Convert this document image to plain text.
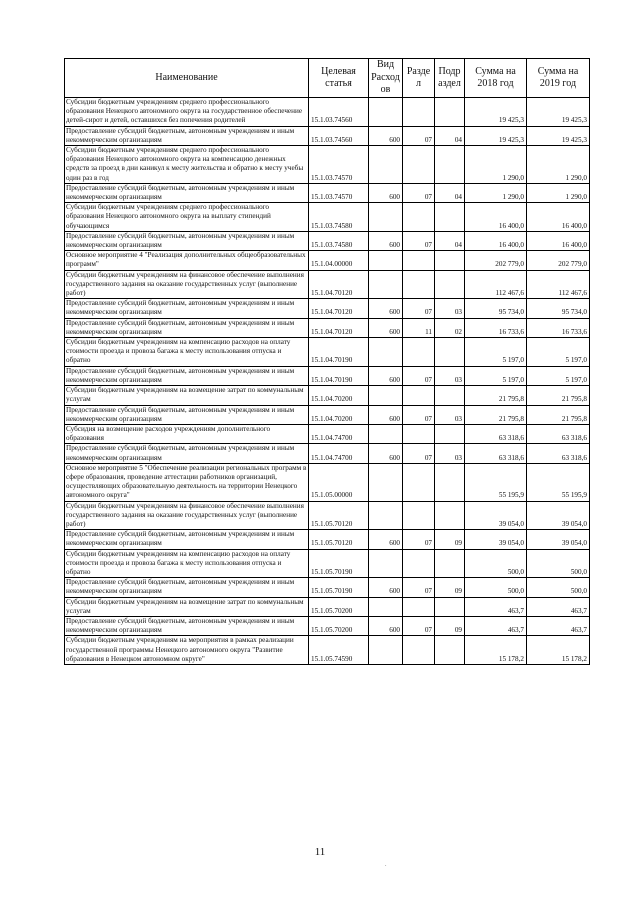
Наименование	Целевая статья	Вид Расход ов	Разде л	Подр аздел	Сумма на 2018 год	Сумма на 2019 год
Субсидии бюджетным учреждениям среднего профессионального образования Ненецкого автономного округа на государственное обеспечение детей-сирот и детей, оставшихся без попечения родителей	15.1.03.74560				19 425,3	19 425,3
Предоставление субсидий бюджетным, автономным учреждениям и иным некоммерческим организациям	15.1.03.74560	600	07	04	19 425,3	19 425,3
Субсидии бюджетным учреждениям среднего профессионального образования Ненецкого автономного округа на компенсацию денежных средств за проезд в дни каникул к месту жительства и обратно к месту учебы один раз в год	15.1.03.74570				1 290,0	1 290,0
Предоставление субсидий бюджетным, автономным учреждениям и иным некоммерческим организациям	15.1.03.74570	600	07	04	1 290,0	1 290,0
Субсидии бюджетным учреждениям среднего профессионального образования Ненецкого автономного округа на выплату стипендий обучающимся	15.1.03.74580				16 400,0	16 400,0
Предоставление субсидий бюджетным, автономным учреждениям и иным некоммерческим организациям	15.1.03.74580	600	07	04	16 400,0	16 400,0
Основное мероприятие 4 "Реализация дополнительных общеобразовательных программ"	15.1.04.00000				202 779,0	202 779,0
Субсидии бюджетным учреждениям на финансовое обеспечение выполнения государственного задания на оказание государственных услуг (выполнение работ)	15.1.04.70120				112 467,6	112 467,6
Предоставление субсидий бюджетным, автономным учреждениям и иным некоммерческим организациям	15.1.04.70120	600	07	03	95 734,0	95 734,0
Предоставление субсидий бюджетным, автономным учреждениям и иным некоммерческим организациям	15.1.04.70120	600	11	02	16 733,6	16 733,6
Субсидии бюджетным учреждениям на компенсацию расходов на оплату стоимости проезда и провоза багажа к месту использования отпуска и обратно	15.1.04.70190				5 197,0	5 197,0
Предоставление субсидий бюджетным, автономным учреждениям и иным некоммерческим организациям	15.1.04.70190	600	07	03	5 197,0	5 197,0
Субсидии бюджетным учреждениям на возмещение затрат по коммунальным услугам	15.1.04.70200				21 795,8	21 795,8
Предоставление субсидий бюджетным, автономным учреждениям и иным некоммерческим организациям	15.1.04.70200	600	07	03	21 795,8	21 795,8
Субсидия на возмещение расходов учреждениям дополнительного образования	15.1.04.74700				63 318,6	63 318,6
Предоставление субсидий бюджетным, автономным учреждениям и иным некоммерческим организациям	15.1.04.74700	600	07	03	63 318,6	63 318,6
Основное мероприятие 5 "Обеспечение реализации региональных программ в сфере образования, проведение аттестации работников организаций, осуществляющих образовательную деятельность на территории Ненецкого автономного округа"	15.1.05.00000				55 195,9	55 195,9
Субсидии бюджетным учреждениям на финансовое обеспечение выполнения государственного задания на оказание государственных услуг (выполнение работ)	15.1.05.70120				39 054,0	39 054,0
Предоставление субсидий бюджетным, автономным учреждениям и иным некоммерческим организациям	15.1.05.70120	600	07	09	39 054,0	39 054,0
Субсидии бюджетным учреждениям на компенсацию расходов на оплату стоимости проезда и провоза багажа к месту использования отпуска и обратно	15.1.05.70190				500,0	500,0
Предоставление субсидий бюджетным, автономным учреждениям и иным некоммерческим организациям	15.1.05.70190	600	07	09	500,0	500,0
Субсидии бюджетным учреждениям на возмещение затрат по коммунальным услугам	15.1.05.70200				463,7	463,7
Предоставление субсидий бюджетным, автономным учреждениям и иным некоммерческим организациям	15.1.05.70200	600	07	09	463,7	463,7
Субсидии бюджетным учреждениям на мероприятия в рамках реализации государственной программы Ненецкого автономного округа "Развитие образования в Ненецком автономном округе"	15.1.05.74590				15 178,2	15 178,2
11
.
